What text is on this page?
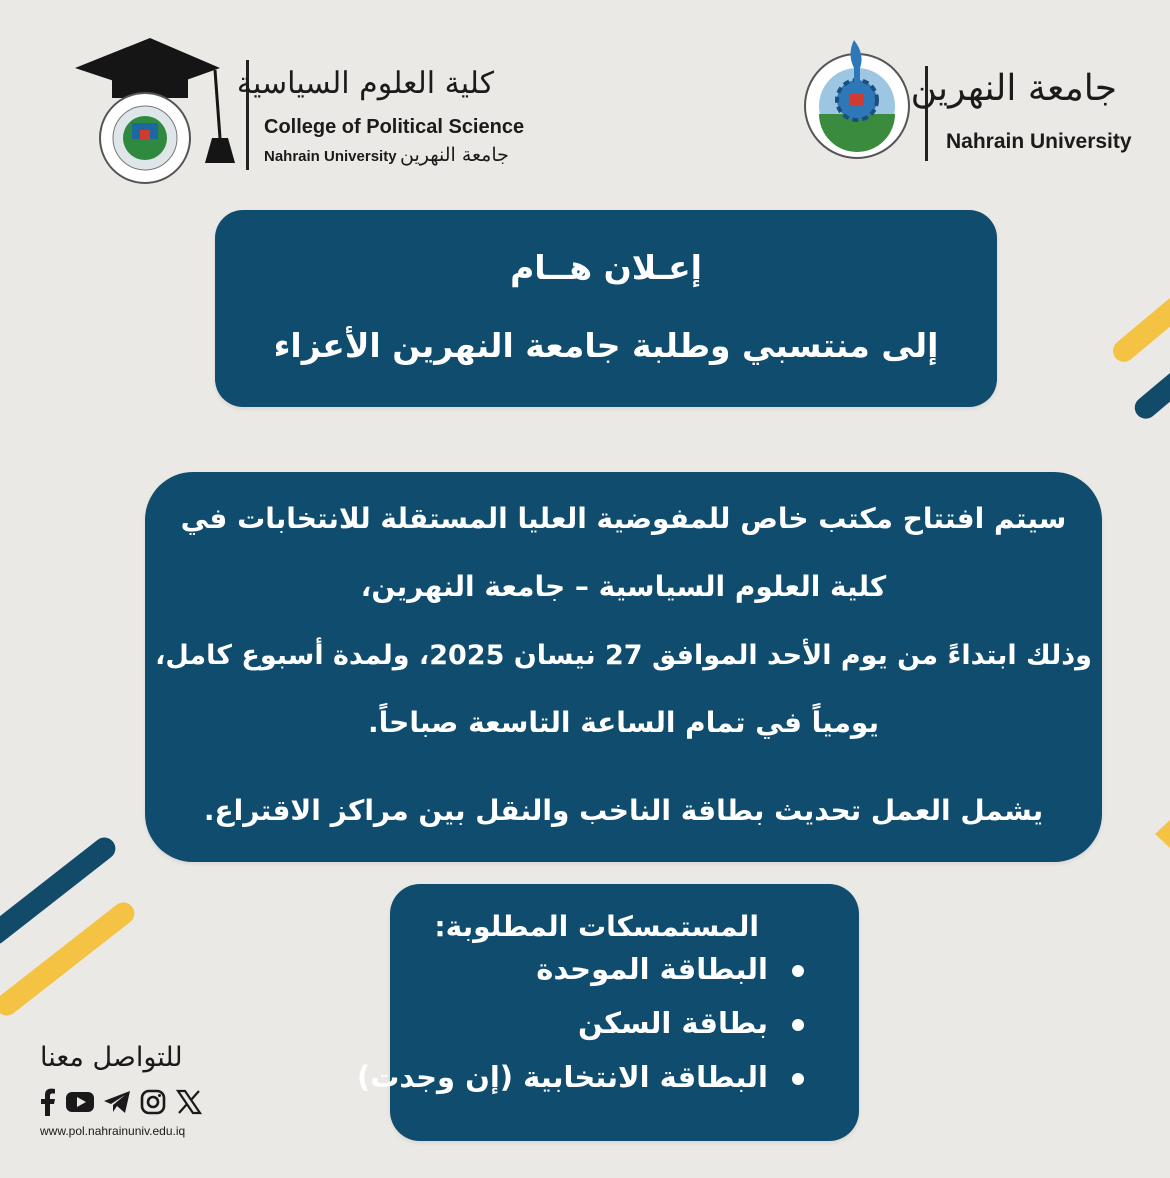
كلية العلوم السياسية
College of Political Science
Nahrain University جامعة النهرين
جامعة النهرين
Nahrain University
إعـلان هــام
إلى منتسبي وطلبة جامعة النهرين الأعزاء
سيتم افتتاح مكتب خاص للمفوضية العليا المستقلة للانتخابات في
كلية العلوم السياسية – جامعة النهرين،
وذلك ابتداءً من يوم الأحد الموافق 27 نيسان 2025، ولمدة أسبوع كامل،
يومياً في تمام الساعة التاسعة صباحاً.
يشمل العمل تحديث بطاقة الناخب والنقل بين مراكز الاقتراع.
المستمسكات المطلوبة:
البطاقة الموحدة
بطاقة السكن
البطاقة الانتخابية (إن وجدت)
للتواصل معنا
www.pol.nahrainuniv.edu.iq
